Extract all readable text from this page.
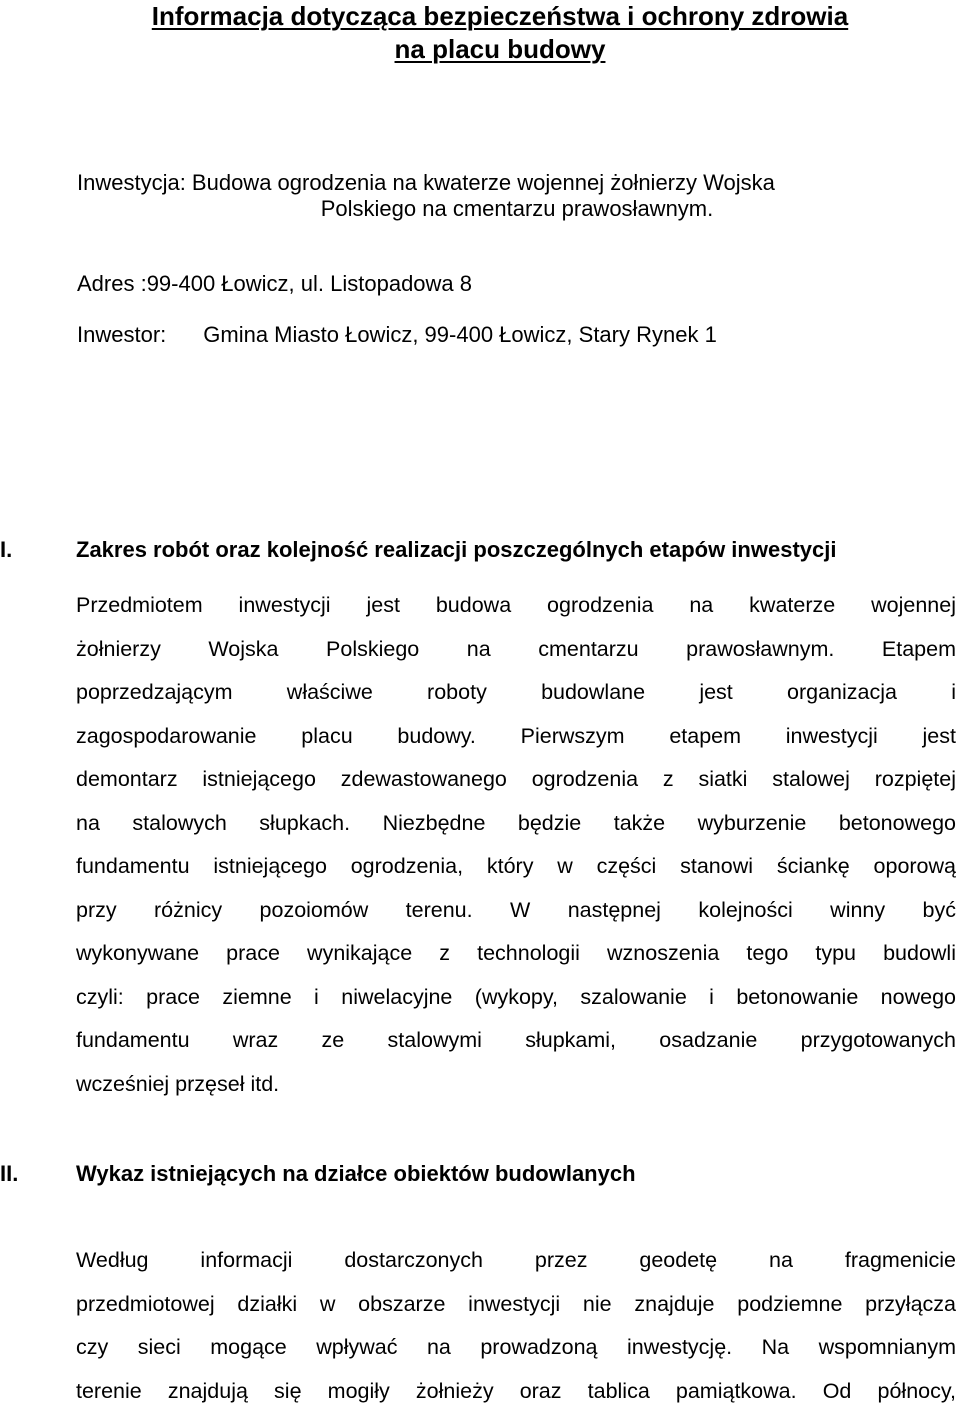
Informacja dotycząca bezpieczeństwa i ochrony zdrowia
na placu budowy
Inwestycja: Budowa ogrodzenia na kwaterze wojennej żołnierzy Wojska
Polskiego na cmentarzu prawosławnym.
Adres :99-400 Łowicz, ul. Listopadowa 8
Inwestor: Gmina Miasto Łowicz, 99-400 Łowicz, Stary Rynek 1
I.	Zakres robót oraz kolejność realizacji poszczególnych etapów inwestycji
Przedmiotem inwestycji jest budowa ogrodzenia na kwaterze wojennej
żołnierzy Wojska Polskiego na cmentarzu prawosławnym. Etapem
poprzedzającym właściwe roboty budowlane jest organizacja i
zagospodarowanie placu budowy. Pierwszym etapem inwestycji jest
demontarz istniejącego zdewastowanego ogrodzenia z siatki stalowej rozpiętej
na stalowych słupkach. Niezbędne będzie także wyburzenie betonowego
fundamentu istniejącego ogrodzenia, który w części stanowi ściankę oporową
przy różnicy pozoiomów terenu. W następnej kolejności winny być
wykonywane prace wynikające z technologii wznoszenia tego typu budowli
czyli: prace ziemne i niwelacyjne (wykopy, szalowanie i betonowanie nowego
fundamentu wraz ze stalowymi słupkami, osadzanie przygotowanych
wcześniej przęseł itd.
II.	Wykaz istniejących na działce obiektów budowlanych
Według informacji dostarczonych przez geodetę na fragmenicie
przedmiotowej działki w obszarze inwestycji nie znajduje podziemne przyłącza
czy sieci mogące wpływać na prowadzoną inwestycję. Na wspomnianym
terenie znajdują się mogiły żołnieży oraz tablica pamiątkowa. Od północy,
